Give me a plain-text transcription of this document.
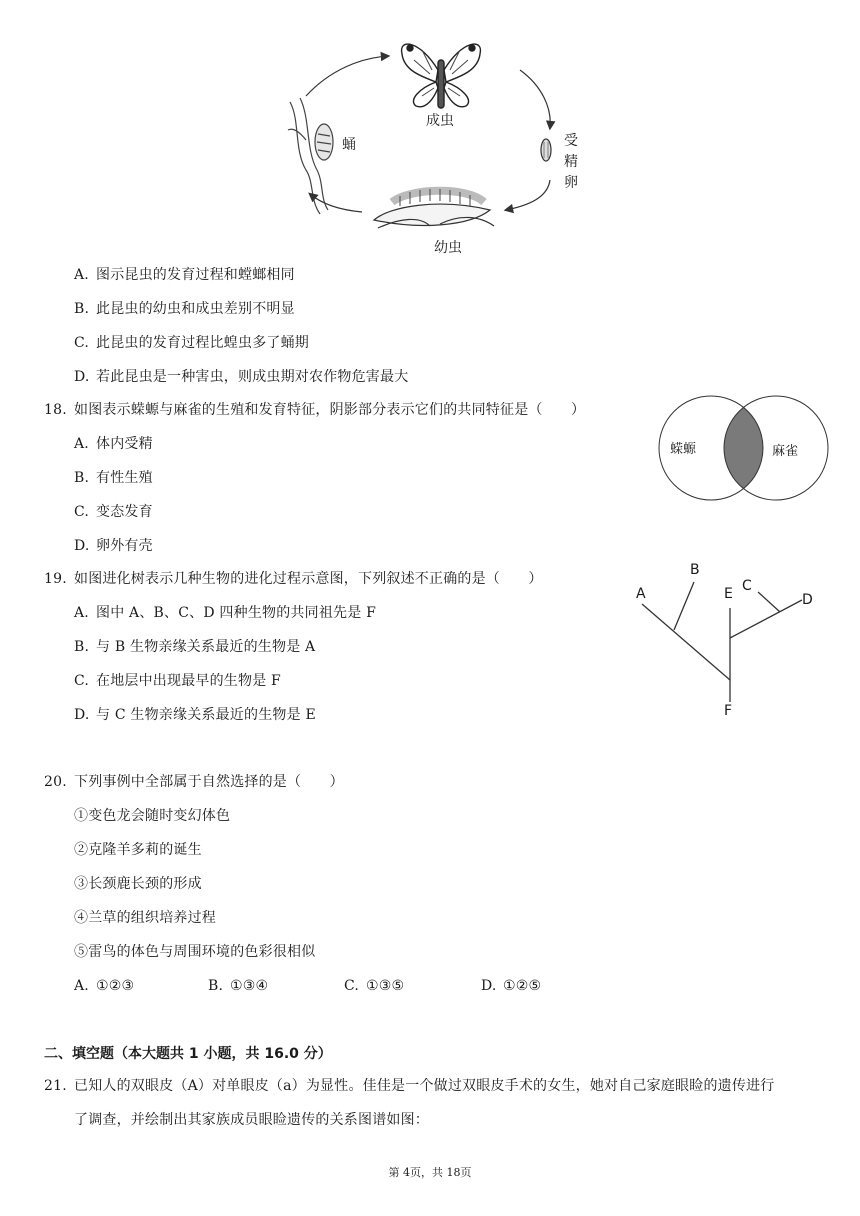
成虫
蛹	受
精
卵
幼虫
A. 图示昆虫的发育过程和螳螂相同
B. 此昆虫的幼虫和成虫差别不明显
C. 此昆虫的发育过程比蝗虫多了蛹期
D. 若此昆虫是一种害虫，则成虫期对农作物危害最大
18. 如图表示蝾螈与麻雀的生殖和发育特征，阴影部分表示它们的共同特征是（　　）
A. 体内受精
B. 有性生殖
C. 变态发育
D. 卵外有壳
蝾螈	麻雀
19. 如图进化树表示几种生物的进化过程示意图，下列叙述不正确的是（　　）
A. 图中 A、B、C、D 四种生物的共同祖先是 F
B. 与 B 生物亲缘关系最近的生物是 A
C. 在地层中出现最早的生物是 F
D. 与 C 生物亲缘关系最近的生物是 E
A
B
C
D
E
F
20. 下列事例中全部属于自然选择的是（　　）
①变色龙会随时变幻体色
②克隆羊多莉的诞生
③长颈鹿长颈的形成
④兰草的组织培养过程
⑤雷鸟的体色与周围环境的色彩很相似
A. ①②③	B. ①③④	C. ①③⑤	D. ①②⑤
二、填空题（本大题共 1 小题，共 16.0 分）
21. 已知人的双眼皮（A）对单眼皮（a）为显性。佳佳是一个做过双眼皮手术的女生，她对自己家庭眼睑的遗传进行
了调查，并绘制出其家族成员眼睑遗传的关系图谱如图：
第 4页，共 18页
